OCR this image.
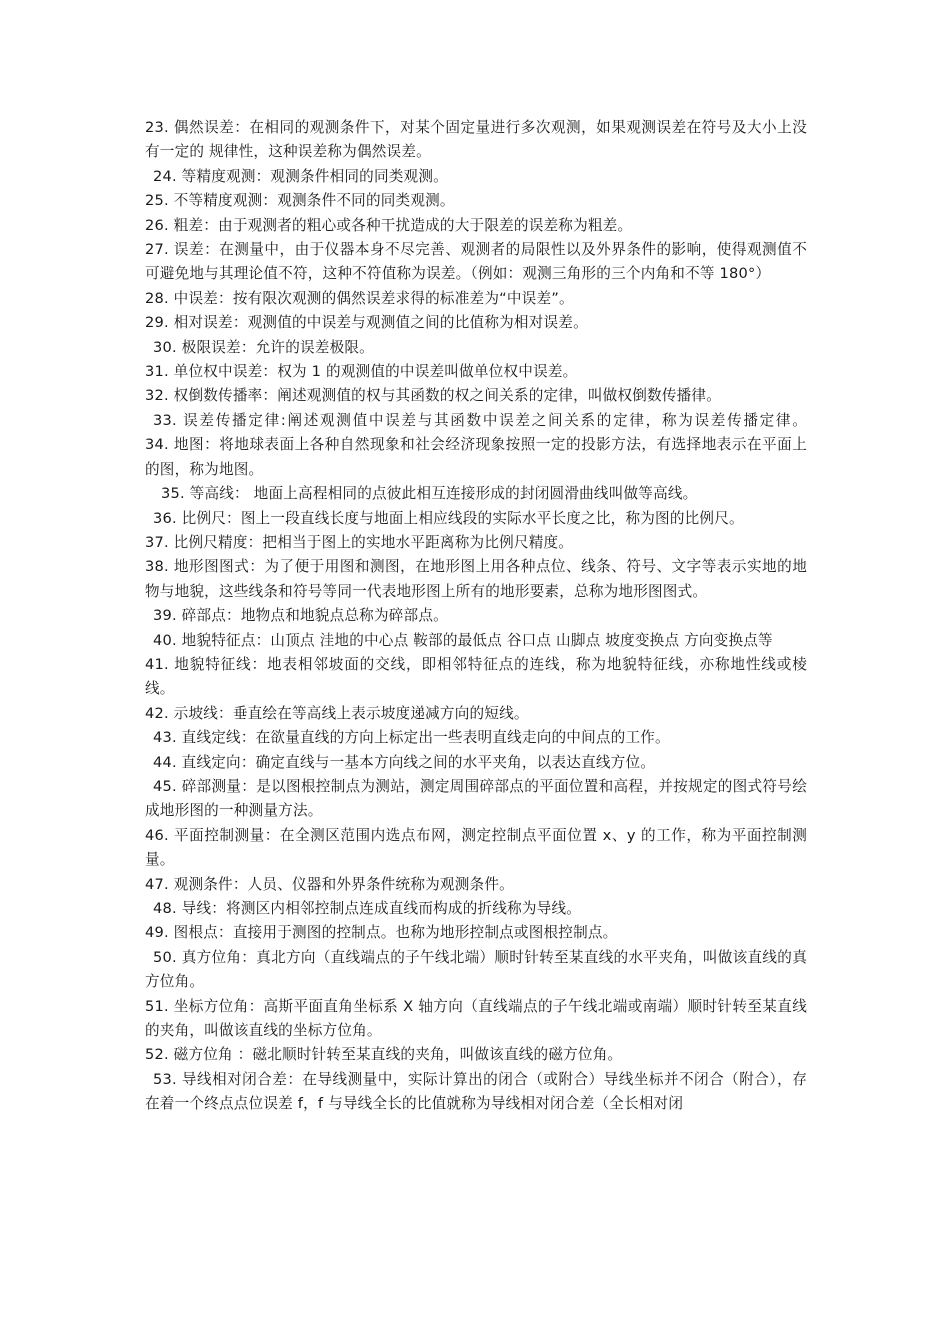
23. 偶然误差：在相同的观测条件下，对某个固定量进行多次观测，如果观测误差在符号及大小上没有一定的 规律性，这种误差称为偶然误差。

24. 等精度观测：观测条件相同的同类观测。

25. 不等精度观测：观测条件不同的同类观测。

26. 粗差：由于观测者的粗心或各种干扰造成的大于限差的误差称为粗差。

27. 误差：在测量中，由于仪器本身不尽完善、观测者的局限性以及外界条件的影响，使得观测值不可避免地与其理论值不符，这种不符值称为误差。（例如：观测三角形的三个内角和不等 180°）

28. 中误差：按有限次观测的偶然误差求得的标准差为“中误差”。

29. 相对误差：观测值的中误差与观测值之间的比值称为相对误差。

30. 极限误差：允许的误差极限。

31. 单位权中误差：权为 1 的观测值的中误差叫做单位权中误差。

32. 权倒数传播率：阐述观测值的权与其函数的权之间关系的定律，叫做权倒数传播律。

33. 误差传播定律:阐述观测值中误差与其函数中误差之间关系的定律，称为误差传播定律。                 34. 地图：将地球表面上各种自然现象和社会经济现象按照一定的投影方法，有选择地表示在平面上的图，称为地图。

35. 等高线： 地面上高程相同的点彼此相互连接形成的封闭圆滑曲线叫做等高线。

36. 比例尺：图上一段直线长度与地面上相应线段的实际水平长度之比，称为图的比例尺。

37. 比例尺精度：把相当于图上的实地水平距离称为比例尺精度。

38. 地形图图式：为了便于用图和测图，在地形图上用各种点位、线条、符号、文字等表示实地的地物与地貌，这些线条和符号等同一代表地形图上所有的地形要素，总称为地形图图式。

39. 碎部点：地物点和地貌点总称为碎部点。

40. 地貌特征点：山顶点 洼地的中心点 鞍部的最低点 谷口点 山脚点 坡度变换点 方向变换点等

41. 地貌特征线：地表相邻坡面的交线，即相邻特征点的连线，称为地貌特征线，亦称地性线或棱线。

42. 示坡线：垂直绘在等高线上表示坡度递减方向的短线。

43. 直线定线：在欲量直线的方向上标定出一些表明直线走向的中间点的工作。

44. 直线定向：确定直线与一基本方向线之间的水平夹角，以表达直线方位。

45. 碎部测量：是以图根控制点为测站，测定周围碎部点的平面位置和高程，并按规定的图式符号绘成地形图的一种测量方法。

46. 平面控制测量：在全测区范围内选点布网，测定控制点平面位置 x、y 的工作，称为平面控制测量。

47. 观测条件：人员、仪器和外界条件统称为观测条件。

48. 导线：将测区内相邻控制点连成直线而构成的折线称为导线。

49. 图根点：直接用于测图的控制点。也称为地形控制点或图根控制点。

50. 真方位角：真北方向（直线端点的子午线北端）顺时针转至某直线的水平夹角，叫做该直线的真方位角。

51. 坐标方位角：高斯平面直角坐标系 X 轴方向（直线端点的子午线北端或南端）顺时针转至某直线的夹角，叫做该直线的坐标方位角。

52. 磁方位角 ：磁北顺时针转至某直线的夹角，叫做该直线的磁方位角。

53. 导线相对闭合差：在导线测量中，实际计算出的闭合（或附合）导线坐标并不闭合（附合），存在着一个终点点位误差 f，f 与导线全长的比值就称为导线相对闭合差（全长相对闭
